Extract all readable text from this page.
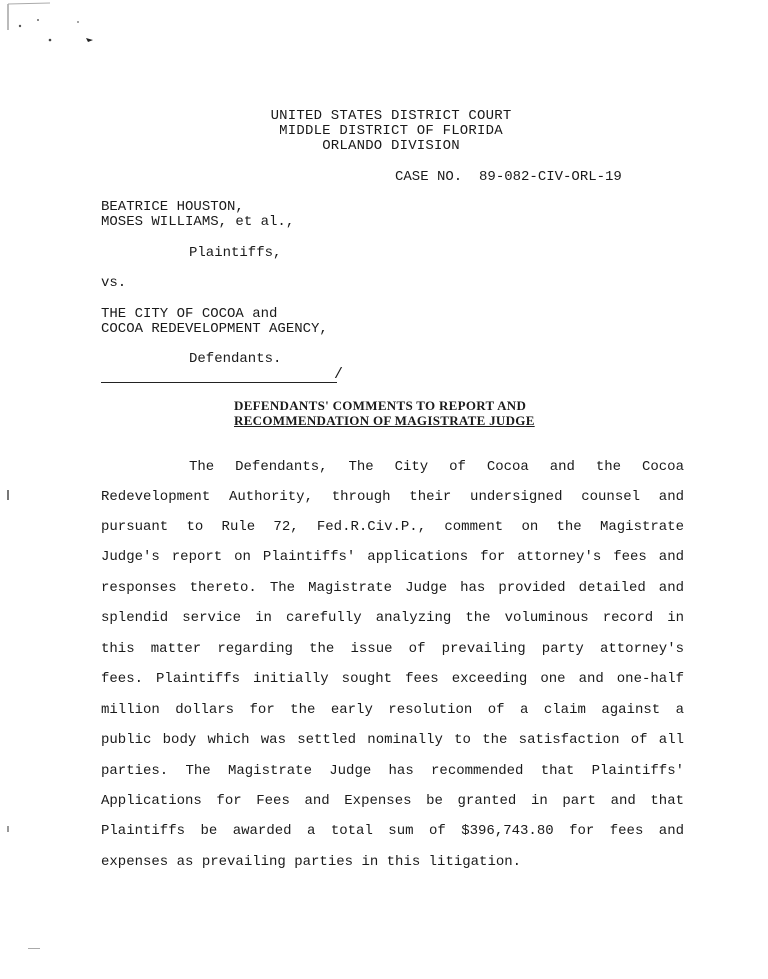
UNITED STATES DISTRICT COURT
MIDDLE DISTRICT OF FLORIDA
ORLANDO DIVISION
CASE NO.  89-082-CIV-ORL-19
BEATRICE HOUSTON,
MOSES WILLIAMS, et al.,
Plaintiffs,
vs.
THE CITY OF COCOA and
COCOA REDEVELOPMENT AGENCY,
Defendants.
/
DEFENDANTS' COMMENTS TO REPORT AND
RECOMMENDATION OF MAGISTRATE JUDGE
The Defendants, The City of Cocoa and the Cocoa
Redevelopment Authority, through their undersigned counsel and
pursuant to Rule 72, Fed.R.Civ.P., comment on the Magistrate
Judge's report on Plaintiffs' applications for attorney's fees and
responses thereto. The Magistrate Judge has provided detailed and
splendid service in carefully analyzing the voluminous record in
this matter regarding the issue of prevailing party attorney's
fees. Plaintiffs initially sought fees exceeding one and one-half
million dollars for the early resolution of a claim against a
public body which was settled nominally to the satisfaction of all
parties. The Magistrate Judge has recommended that Plaintiffs'
Applications for Fees and Expenses be granted in part and that
Plaintiffs be awarded a total sum of $396,743.80 for fees and
expenses as prevailing parties in this litigation.
